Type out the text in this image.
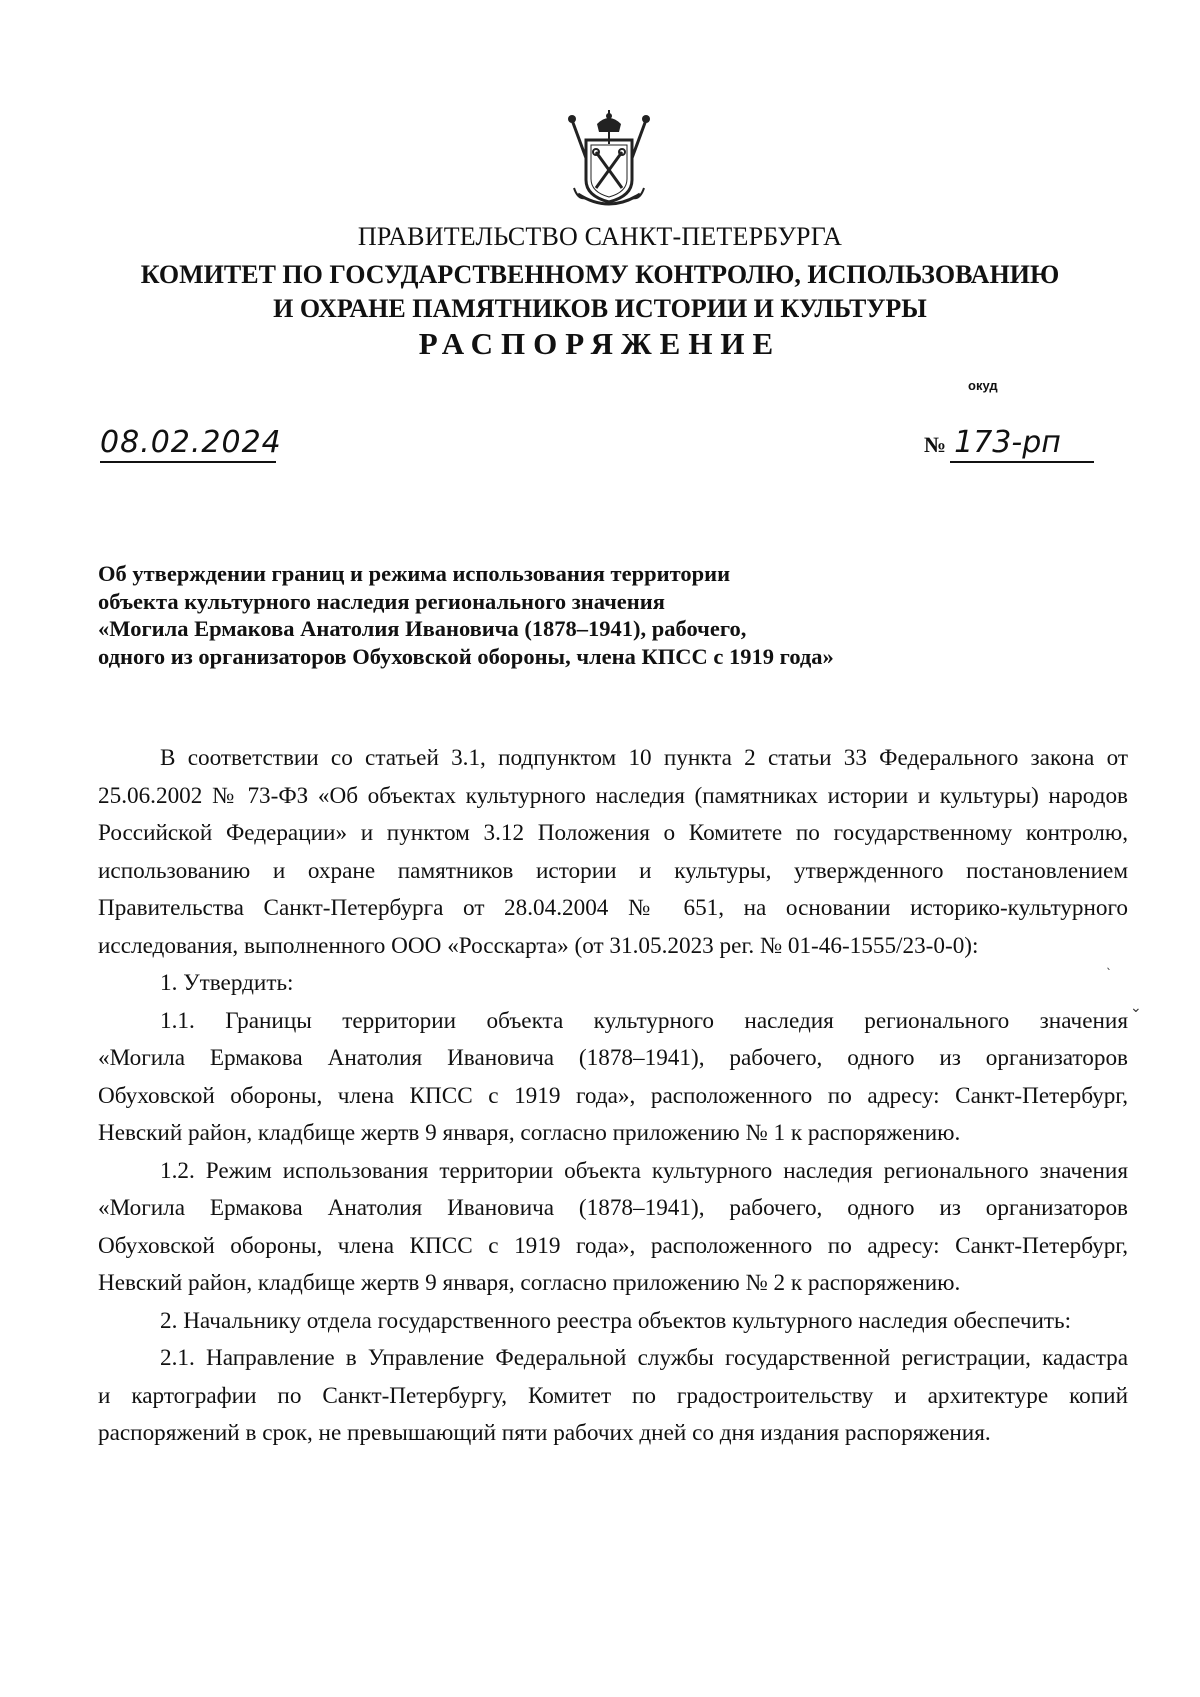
ПРАВИТЕЛЬСТВО САНКТ-ПЕТЕРБУРГА
КОМИТЕТ ПО ГОСУДАРСТВЕННОМУ КОНТРОЛЮ, ИСПОЛЬЗОВАНИЮ
И ОХРАНЕ ПАМЯТНИКОВ ИСТОРИИ И КУЛЬТУРЫ
РАСПОРЯЖЕНИЕ
окуд
08.02.2024	№ 173-рп
Об утверждении границ и режима использования территории
объекта культурного наследия регионального значения
«Могила Ермакова Анатолия Ивановича (1878–1941), рабочего,
одного из организаторов Обуховской обороны, члена КПСС с 1919 года»
В соответствии со статьей 3.1, подпунктом 10 пункта 2 статьи 33 Федерального закона от
25.06.2002 № 73-ФЗ «Об объектах культурного наследия (памятниках истории и культуры) народов
Российской Федерации» и пунктом 3.12 Положения о Комитете по государственному контролю,
использованию и охране памятников истории и культуры, утвержденного постановлением
Правительства Санкт-Петербурга от 28.04.2004 № 651, на основании историко-культурного
исследования, выполненного ООО «Росскарта» (от 31.05.2023 рег. № 01-46-1555/23-0-0):
1. Утвердить:
1.1. Границы территории объекта культурного наследия регионального значения
«Могила Ермакова Анатолия Ивановича (1878–1941), рабочего, одного из организаторов
Обуховской обороны, члена КПСС с 1919 года», расположенного по адресу: Санкт-Петербург,
Невский район, кладбище жертв 9 января, согласно приложению № 1 к распоряжению.
1.2. Режим использования территории объекта культурного наследия регионального значения
«Могила Ермакова Анатолия Ивановича (1878–1941), рабочего, одного из организаторов
Обуховской обороны, члена КПСС с 1919 года», расположенного по адресу: Санкт-Петербург,
Невский район, кладбище жертв 9 января, согласно приложению № 2 к распоряжению.
2. Начальнику отдела государственного реестра объектов культурного наследия обеспечить:
2.1. Направление в Управление Федеральной службы государственной регистрации, кадастра
и картографии по Санкт-Петербургу, Комитет по градостроительству и архитектуре копий
распоряжений в срок, не превышающий пяти рабочих дней со дня издания распоряжения.
ˎ
⌄
